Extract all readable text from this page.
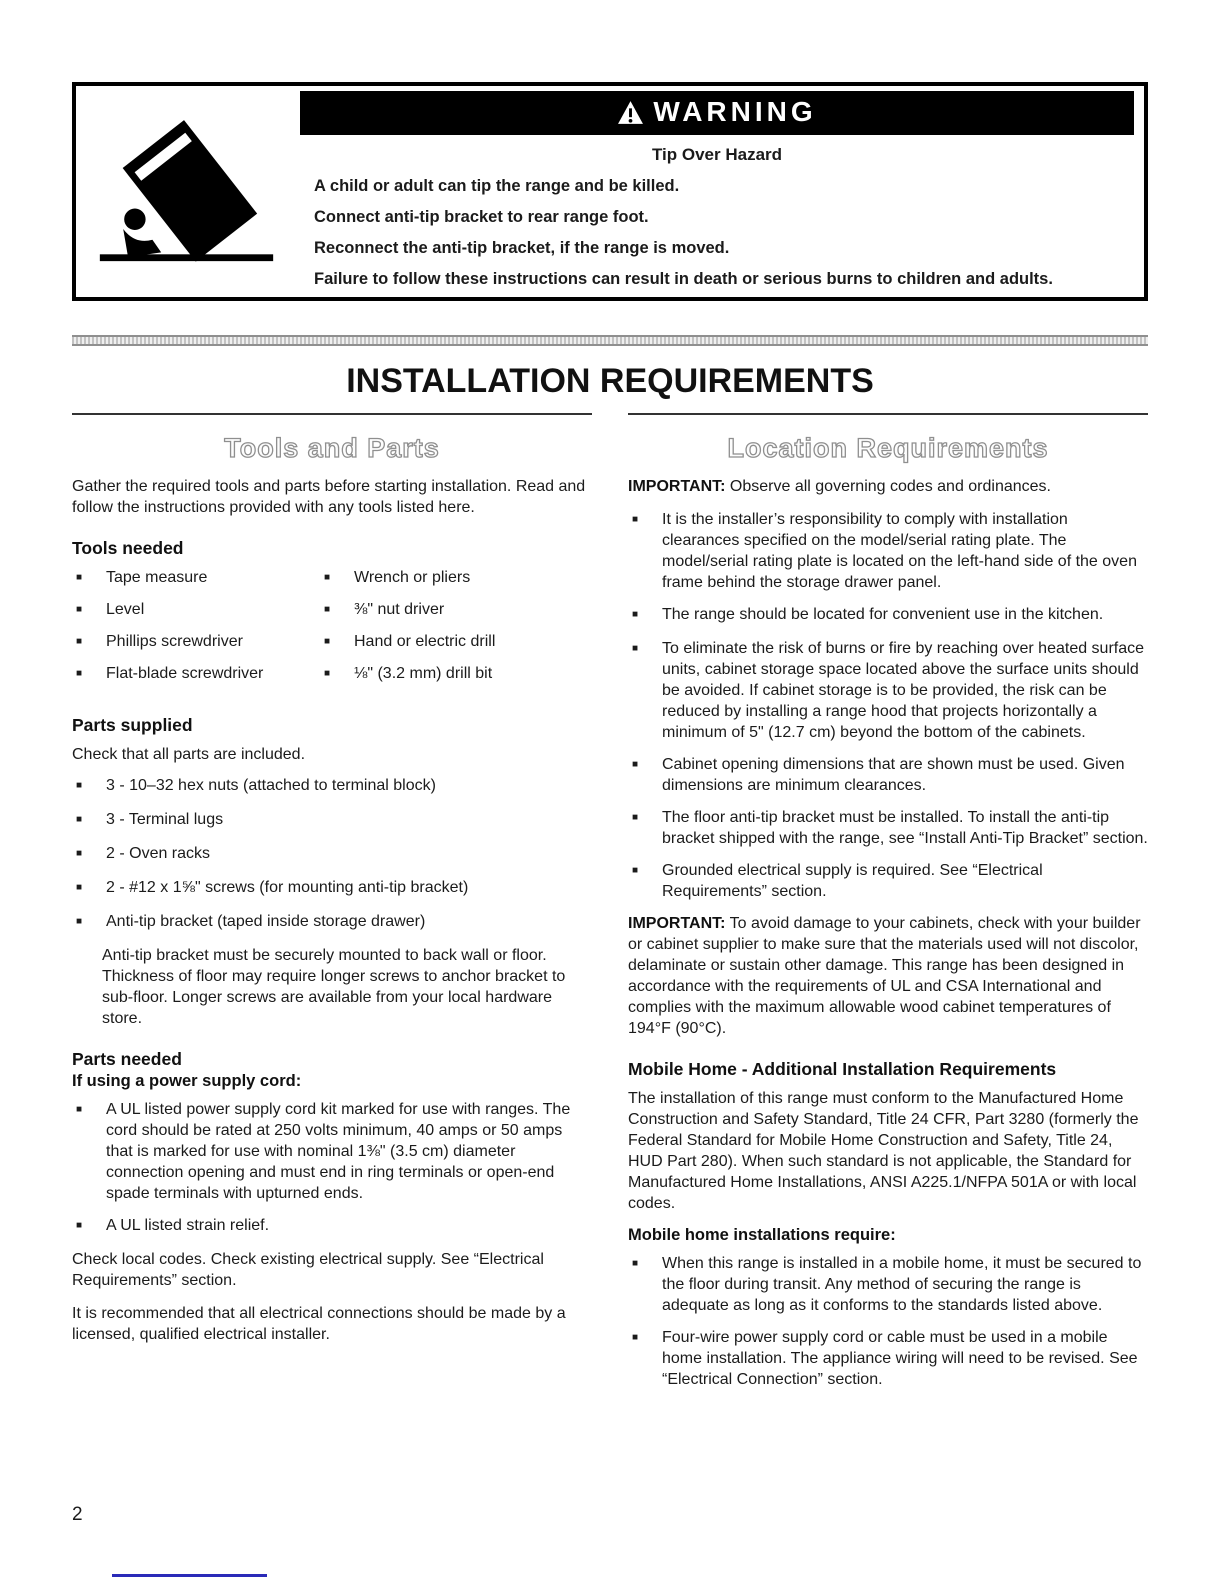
WARNING
Tip Over Hazard
A child or adult can tip the range and be killed.
Connect anti-tip bracket to rear range foot.
Reconnect the anti-tip bracket, if the range is moved.
Failure to follow these instructions can result in death or serious burns to children and adults.
INSTALLATION REQUIREMENTS
Tools and Parts

Gather the required tools and parts before starting installation. Read and follow the instructions provided with any tools listed here.

Tools needed
■
Tape measure ■	Wrench or pliers
■
Level ■	⅜" nut driver
■
Phillips screwdriver ■	Hand or electric drill
■
Flat-blade screwdriver ■	⅛" (3.2 mm) drill bit
Parts supplied

Check that all parts are included.

■
3 - 10–32 hex nuts (attached to terminal block)
■
3 - Terminal lugs
■
2 - Oven racks
■
2 - #12 x 1⅝" screws (for mounting anti-tip bracket)
■
Anti-tip bracket (taped inside storage drawer)

Anti-tip bracket must be securely mounted to back wall or floor. Thickness of floor may require longer screws to anchor bracket to sub-floor. Longer screws are available from your local hardware store.

Parts needed
If using a power supply cord:
■
A UL listed power supply cord kit marked for use with ranges. The cord should be rated at 250 volts minimum, 40 amps or 50 amps that is marked for use with nominal 1⅜" (3.5 cm) diameter connection opening and must end in ring terminals or open-end spade terminals with upturned ends.
■
A UL listed strain relief.

Check local codes. Check existing electrical supply. See “Electrical Requirements” section.

It is recommended that all electrical connections should be made by a licensed, qualified electrical installer.

Location Requirements

IMPORTANT: Observe all governing codes and ordinances.

■
It is the installer’s responsibility to comply with installation clearances specified on the model/serial rating plate. The model/serial rating plate is located on the left-hand side of the oven frame behind the storage drawer panel.
■
The range should be located for convenient use in the kitchen.
■
To eliminate the risk of burns or fire by reaching over heated surface units, cabinet storage space located above the surface units should be avoided. If cabinet storage is to be provided, the risk can be reduced by installing a range hood that projects horizontally a minimum of 5" (12.7 cm) beyond the bottom of the cabinets.
■
Cabinet opening dimensions that are shown must be used. Given dimensions are minimum clearances.
■
The floor anti-tip bracket must be installed. To install the anti-tip bracket shipped with the range, see “Install Anti-Tip Bracket” section.
■
Grounded electrical supply is required. See “Electrical Requirements” section.

IMPORTANT: To avoid damage to your cabinets, check with your builder or cabinet supplier to make sure that the materials used will not discolor, delaminate or sustain other damage. This range has been designed in accordance with the requirements of UL and CSA International and complies with the maximum allowable wood cabinet temperatures of 194°F (90°C).

Mobile Home - Additional Installation Requirements

The installation of this range must conform to the Manufactured Home Construction and Safety Standard, Title 24 CFR, Part 3280 (formerly the Federal Standard for Mobile Home Construction and Safety, Title 24, HUD Part 280). When such standard is not applicable, the Standard for Manufactured Home Installations, ANSI A225.1/NFPA 501A or with local codes.

Mobile home installations require:
■
When this range is installed in a mobile home, it must be secured to the floor during transit. Any method of securing the range is adequate as long as it conforms to the standards listed above.
■
Four-wire power supply cord or cable must be used in a mobile home installation. The appliance wiring will need to be revised. See “Electrical Connection” section.
2
